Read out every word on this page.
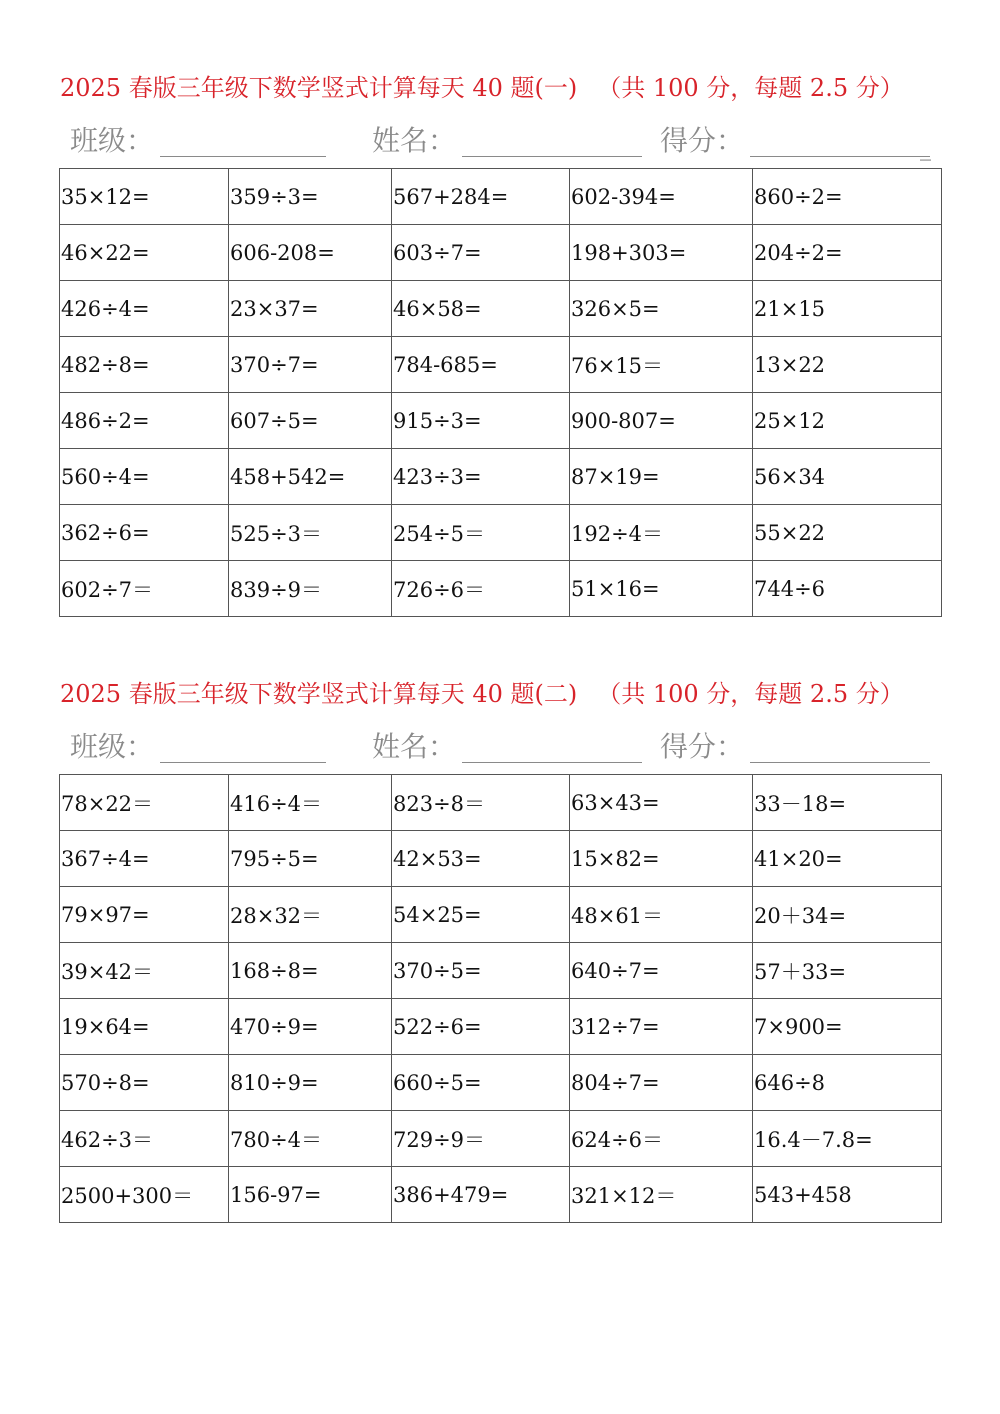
2025 春版三年级下数学竖式计算每天 40 题(一) （共 100 分，每题 2.5 分）
班级：	姓名：	得分：	_
35×12=	359÷3=	567+284=	602-394=	860÷2=
46×22=	606-208=	603÷7=	198+303=	204÷2=
426÷4=	23×37=	46×58=	326×5=	21×15
482÷8=	370÷7=	784-685=	76×15＝	13×22
486÷2=	607÷5=	915÷3=	900-807=	25×12
560÷4=	458+542=	423÷3=	87×19=	56×34
362÷6=	525÷3＝	254÷5＝	192÷4＝	55×22
602÷7＝	839÷9＝	726÷6＝	51×16=	744÷6
2025 春版三年级下数学竖式计算每天 40 题(二) （共 100 分，每题 2.5 分）
班级：	姓名：	得分：
78×22＝	416÷4＝	823÷8＝	63×43=	33－18=
367÷4=	795÷5=	42×53=	15×82=	41×20=
79×97=	28×32＝	54×25=	48×61＝	20＋34=
39×42＝	168÷8=	370÷5=	640÷7=	57＋33=
19×64=	470÷9=	522÷6=	312÷7=	7×900=
570÷8=	810÷9=	660÷5=	804÷7=	646÷8
462÷3＝	780÷4＝	729÷9＝	624÷6＝	16.4－7.8=
2500+300＝	156-97=	386+479=	321×12＝	543+458
